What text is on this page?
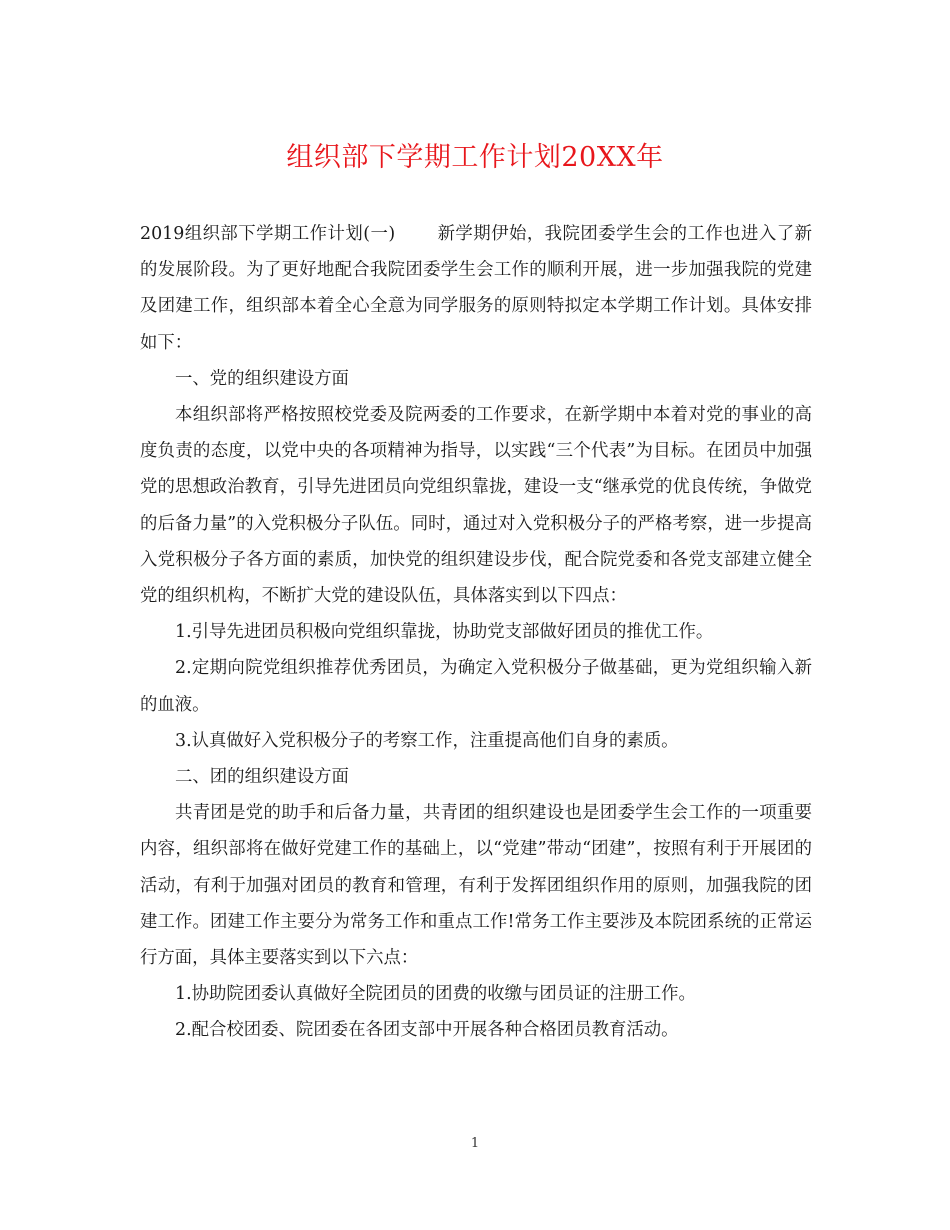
组织部下学期工作计划20XX年

2019组织部下学期工作计划(一) 新学期伊始，我院团委学生会的工作也进入了新的发展阶段。为了更好地配合我院团委学生会工作的顺利开展，进一步加强我院的党建及团建工作，组织部本着全心全意为同学服务的原则特拟定本学期工作计划。具体安排如下：

一、党的组织建设方面

本组织部将严格按照校党委及院两委的工作要求，在新学期中本着对党的事业的高度负责的态度，以党中央的各项精神为指导，以实践“三个代表”为目标。在团员中加强党的思想政治教育，引导先进团员向党组织靠拢，建设一支“继承党的优良传统，争做党的后备力量”的入党积极分子队伍。同时，通过对入党积极分子的严格考察，进一步提高入党积极分子各方面的素质，加快党的组织建设步伐，配合院党委和各党支部建立健全党的组织机构，不断扩大党的建设队伍，具体落实到以下四点：

1.引导先进团员积极向党组织靠拢，协助党支部做好团员的推优工作。

2.定期向院党组织推荐优秀团员，为确定入党积极分子做基础，更为党组织输入新的血液。

3.认真做好入党积极分子的考察工作，注重提高他们自身的素质。

二、团的组织建设方面

共青团是党的助手和后备力量，共青团的组织建设也是团委学生会工作的一项重要内容，组织部将在做好党建工作的基础上，以“党建”带动“团建”，按照有利于开展团的活动，有利于加强对团员的教育和管理，有利于发挥团组织作用的原则，加强我院的团建工作。团建工作主要分为常务工作和重点工作!常务工作主要涉及本院团系统的正常运行方面，具体主要落实到以下六点：

1.协助院团委认真做好全院团员的团费的收缴与团员证的注册工作。

2.配合校团委、院团委在各团支部中开展各种合格团员教育活动。

1
